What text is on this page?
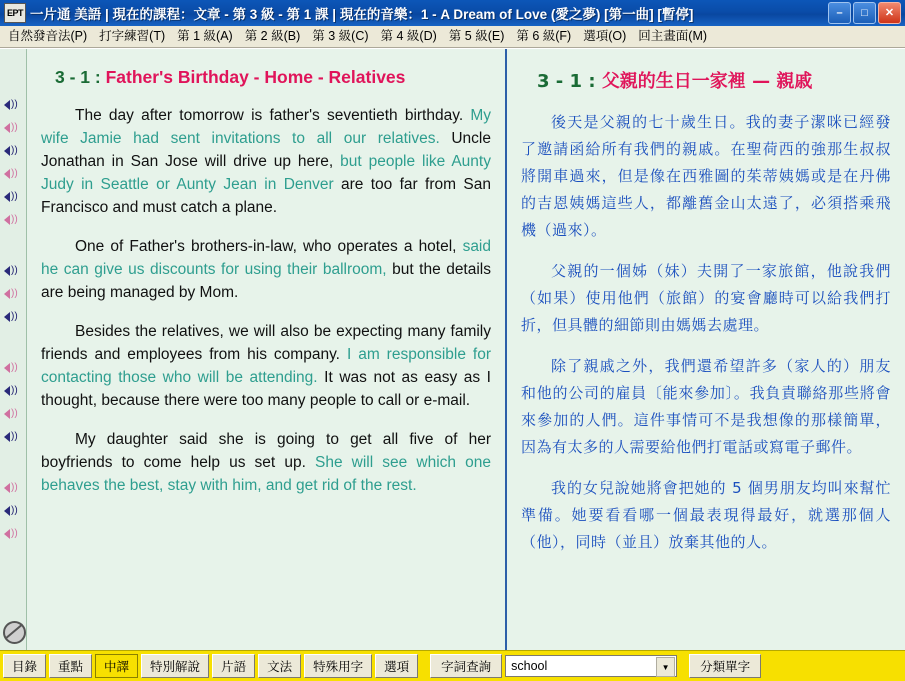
EPT 一片通 美語 | 現在的課程：文章 - 第 3 級 - 第 1 課 | 現在的音樂：1 - A Dream of Love (愛之夢) [第一曲] [暫停]	–	□	✕
自然發音法(P) 打字練習(T) 第 1 級(A) 第 2 級(B) 第 3 級(C) 第 4 級(D) 第 5 級(E) 第 6 級(F) 選項(O) 回主畫面(M)
))
))
))
))
))
))
))
))
))
))
))
))
))
))
))
))
3 - 1 : Father's Birthday - Home - Relatives

The day after tomorrow is father's seventieth birthday. My wife Jamie had sent invitations to all our relatives. Uncle Jonathan in San Jose will drive up here, but people like Aunty Judy in Seattle or Aunty Jean in Denver are too far from San Francisco and must catch a plane.

One of Father's brothers-in-law, who operates a hotel, said he can give us discounts for using their ballroom, but the details are being managed by Mom.

Besides the relatives, we will also be expecting many family friends and employees from his company. I am responsible for contacting those who will be attending. It was not as easy as I thought, because there were too many people to call or e-mail.

My daughter said she is going to get all five of her boyfriends to come help us set up. She will see which one behaves the best, stay with him, and get rid of the rest.

3 - 1 : 父親的生日一家裡 — 親戚

後天是父親的七十歲生日。我的妻子潔咪已經發了邀請函給所有我們的親戚。在聖荷西的強那生叔叔將開車過來，但是像在西雅圖的茱蒂姨媽或是在丹佛的吉恩姨媽這些人，都離舊金山太遠了，必須搭乘飛機（過來）。

父親的一個姊（妹）夫開了一家旅館，他說我們（如果）使用他們（旅館）的宴會廳時可以給我們打折，但具體的細節則由媽媽去處理。

除了親戚之外，我們還希望許多（家人的）朋友和他的公司的雇員〔能來參加〕。我負責聯絡那些將會來參加的人們。這件事情可不是我想像的那樣簡單，因為有太多的人需要給他們打電話或寫電子郵件。

我的女兒說她將會把她的 5 個男朋友均叫來幫忙準備。她要看看哪一個最表現得最好，就選那個人（他），同時（並且）放棄其他的人。

目錄	重點	中譯	特別解說	片語	文法	特殊用字	選項	字詞查詢	school	▼	分類單字
